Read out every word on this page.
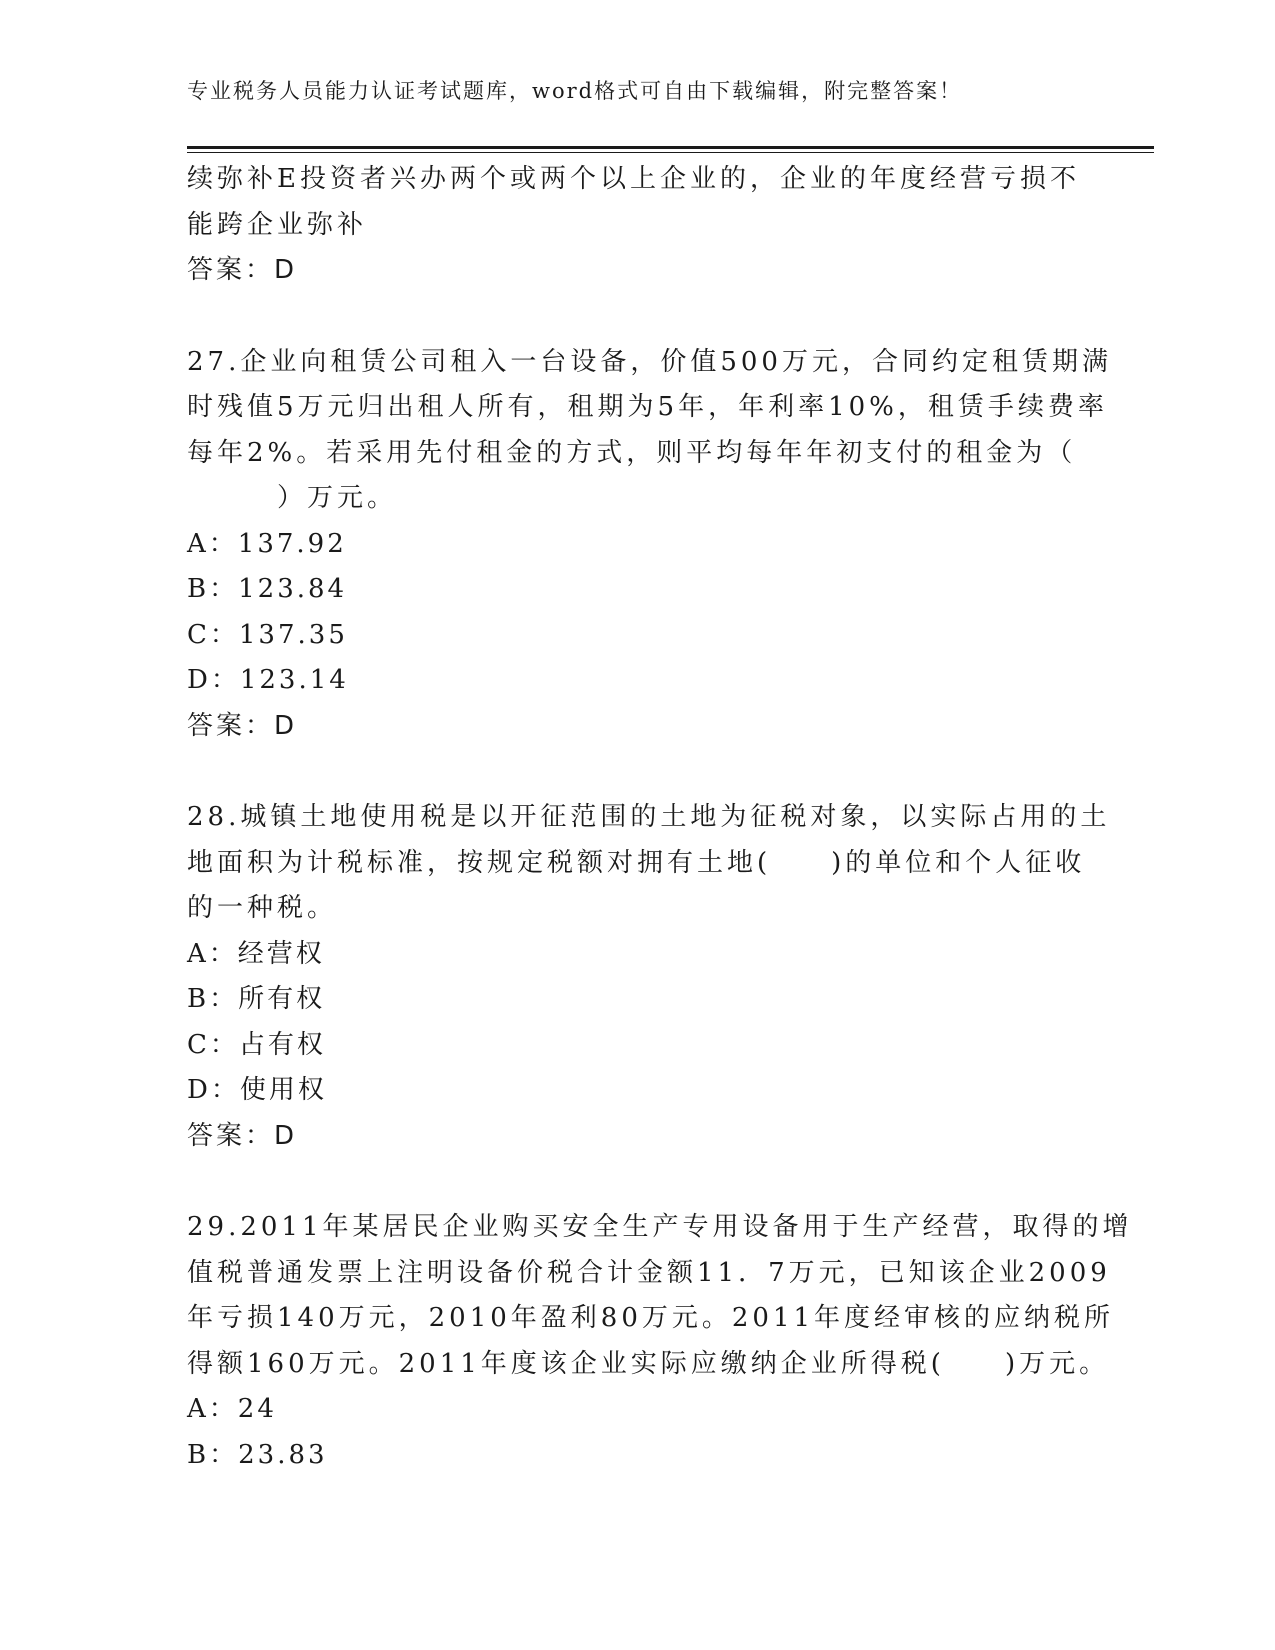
专业税务人员能力认证考试题库，word格式可自由下载编辑，附完整答案！
续弥补E投资者兴办两个或两个以上企业的，企业的年度经营亏损不
能跨企业弥补
答案：D
27.企业向租赁公司租入一台设备，价值500万元，合同约定租赁期满
时残值5万元归出租人所有，租期为5年，年利率10%，租赁手续费率
每年2%。若采用先付租金的方式，则平均每年年初支付的租金为（
　　　）万元。
A：137.92
B：123.84
C：137.35
D：123.14
答案：D
28.城镇土地使用税是以开征范围的土地为征税对象，以实际占用的土
地面积为计税标准，按规定税额对拥有土地(　　)的单位和个人征收
的一种税。
A：经营权
B：所有权
C：占有权
D：使用权
答案：D
29.2011年某居民企业购买安全生产专用设备用于生产经营，取得的增
值税普通发票上注明设备价税合计金额11．7万元，已知该企业2009
年亏损140万元，2010年盈利80万元。2011年度经审核的应纳税所
得额160万元。2011年度该企业实际应缴纳企业所得税(　　)万元。
A：24
B：23.83
